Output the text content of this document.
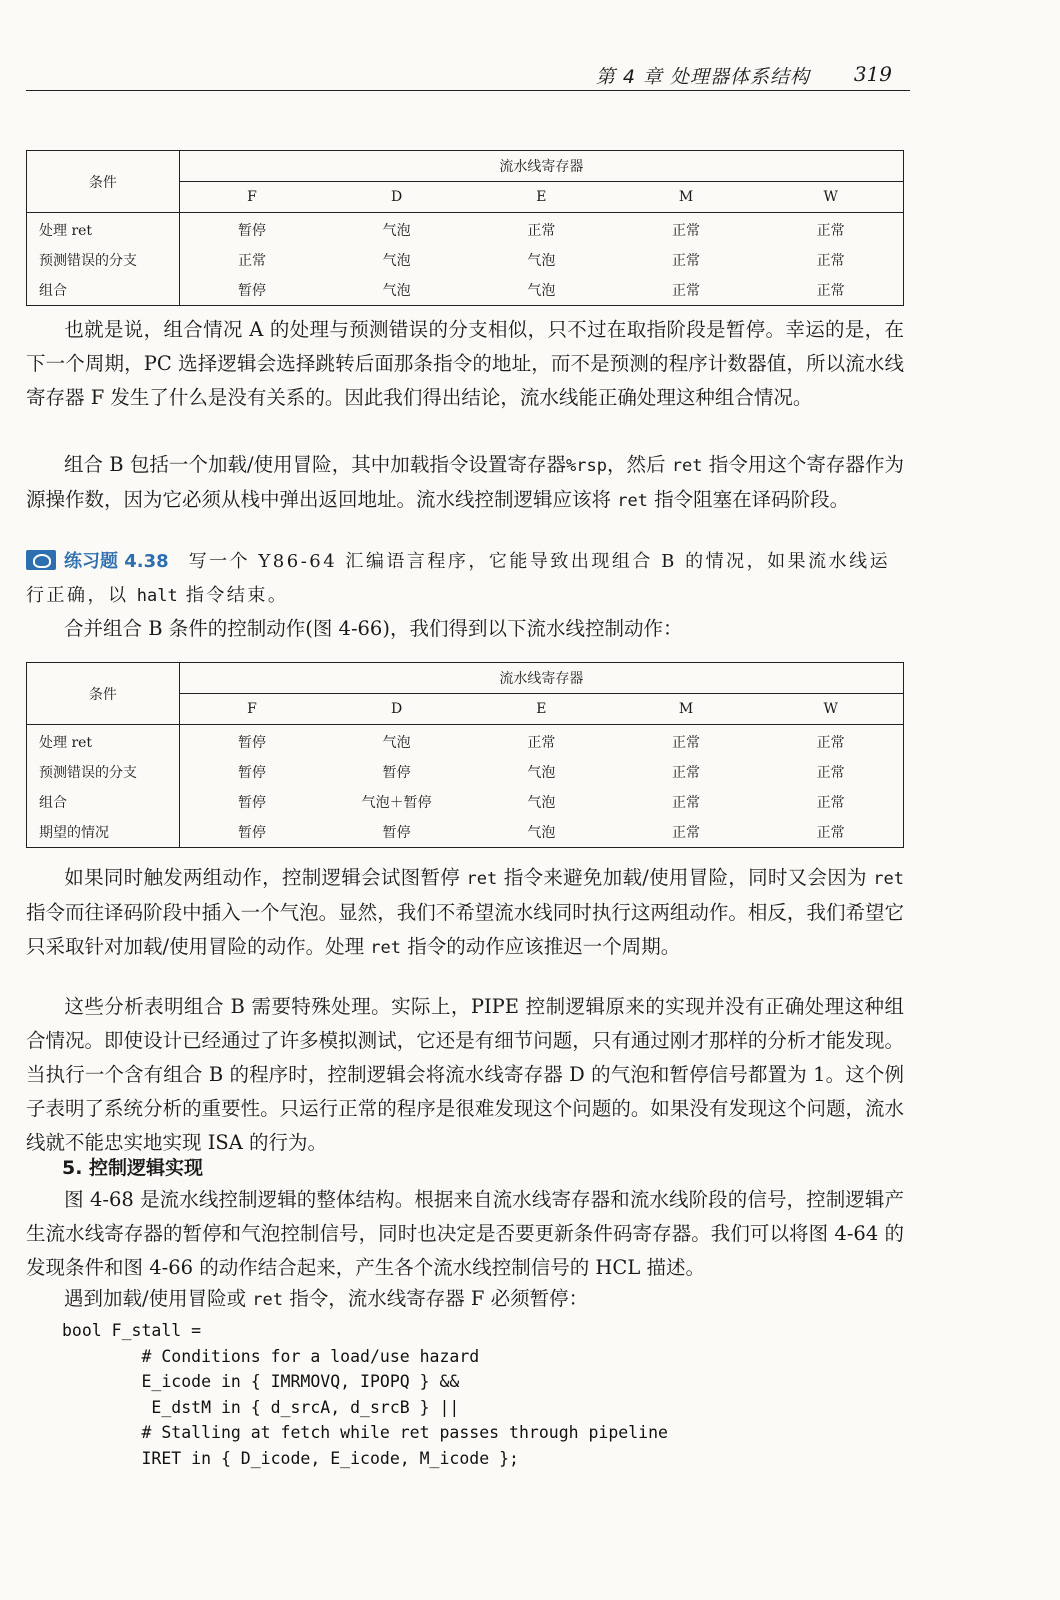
第 4 章 处理器体系结构 319
条件	流水线寄存器				
	F	D	E	M	W
处理 ret	暂停	气泡	正常	正常	正常
预测错误的分支	正常	气泡	气泡	正常	正常
组合	暂停	气泡	气泡	正常	正常
也就是说，组合情况 A 的处理与预测错误的分支相似，只不过在取指阶段是暂停。幸运的是，在下一个周期，PC 选择逻辑会选择跳转后面那条指令的地址，而不是预测的程序计数器值，所以流水线寄存器 F 发生了什么是没有关系的。因此我们得出结论，流水线能正确处理这种组合情况。
组合 B 包括一个加载/使用冒险，其中加载指令设置寄存器%rsp，然后 ret 指令用这个寄存器作为源操作数，因为它必须从栈中弹出返回地址。流水线控制逻辑应该将 ret 指令阻塞在译码阶段。
练习题 4.38 写一个 Y86-64 汇编语言程序，它能导致出现组合 B 的情况，如果流水线运行正确，以 halt 指令结束。
合并组合 B 条件的控制动作(图 4-66)，我们得到以下流水线控制动作：
条件	流水线寄存器				
	F	D	E	M	W
处理 ret	暂停	气泡	正常	正常	正常
预测错误的分支	暂停	暂停	气泡	正常	正常
组合	暂停	气泡＋暂停	气泡	正常	正常
期望的情况	暂停	暂停	气泡	正常	正常
如果同时触发两组动作，控制逻辑会试图暂停 ret 指令来避免加载/使用冒险，同时又会因为 ret 指令而往译码阶段中插入一个气泡。显然，我们不希望流水线同时执行这两组动作。相反，我们希望它只采取针对加载/使用冒险的动作。处理 ret 指令的动作应该推迟一个周期。
这些分析表明组合 B 需要特殊处理。实际上，PIPE 控制逻辑原来的实现并没有正确处理这种组合情况。即使设计已经通过了许多模拟测试，它还是有细节问题，只有通过刚才那样的分析才能发现。当执行一个含有组合 B 的程序时，控制逻辑会将流水线寄存器 D 的气泡和暂停信号都置为 1。这个例子表明了系统分析的重要性。只运行正常的程序是很难发现这个问题的。如果没有发现这个问题，流水线就不能忠实地实现 ISA 的行为。
5. 控制逻辑实现
图 4-68 是流水线控制逻辑的整体结构。根据来自流水线寄存器和流水线阶段的信号，控制逻辑产生流水线寄存器的暂停和气泡控制信号，同时也决定是否要更新条件码寄存器。我们可以将图 4-64 的发现条件和图 4-66 的动作结合起来，产生各个流水线控制信号的 HCL 描述。
遇到加载/使用冒险或 ret 指令，流水线寄存器 F 必须暂停：
bool F_stall =
# Conditions for a load/use hazard
E_icode in { IMRMOVQ, IPOPQ } &&
E_dstM in { d_srcA, d_srcB } ||
# Stalling at fetch while ret passes through pipeline
IRET in { D_icode, E_icode, M_icode };
